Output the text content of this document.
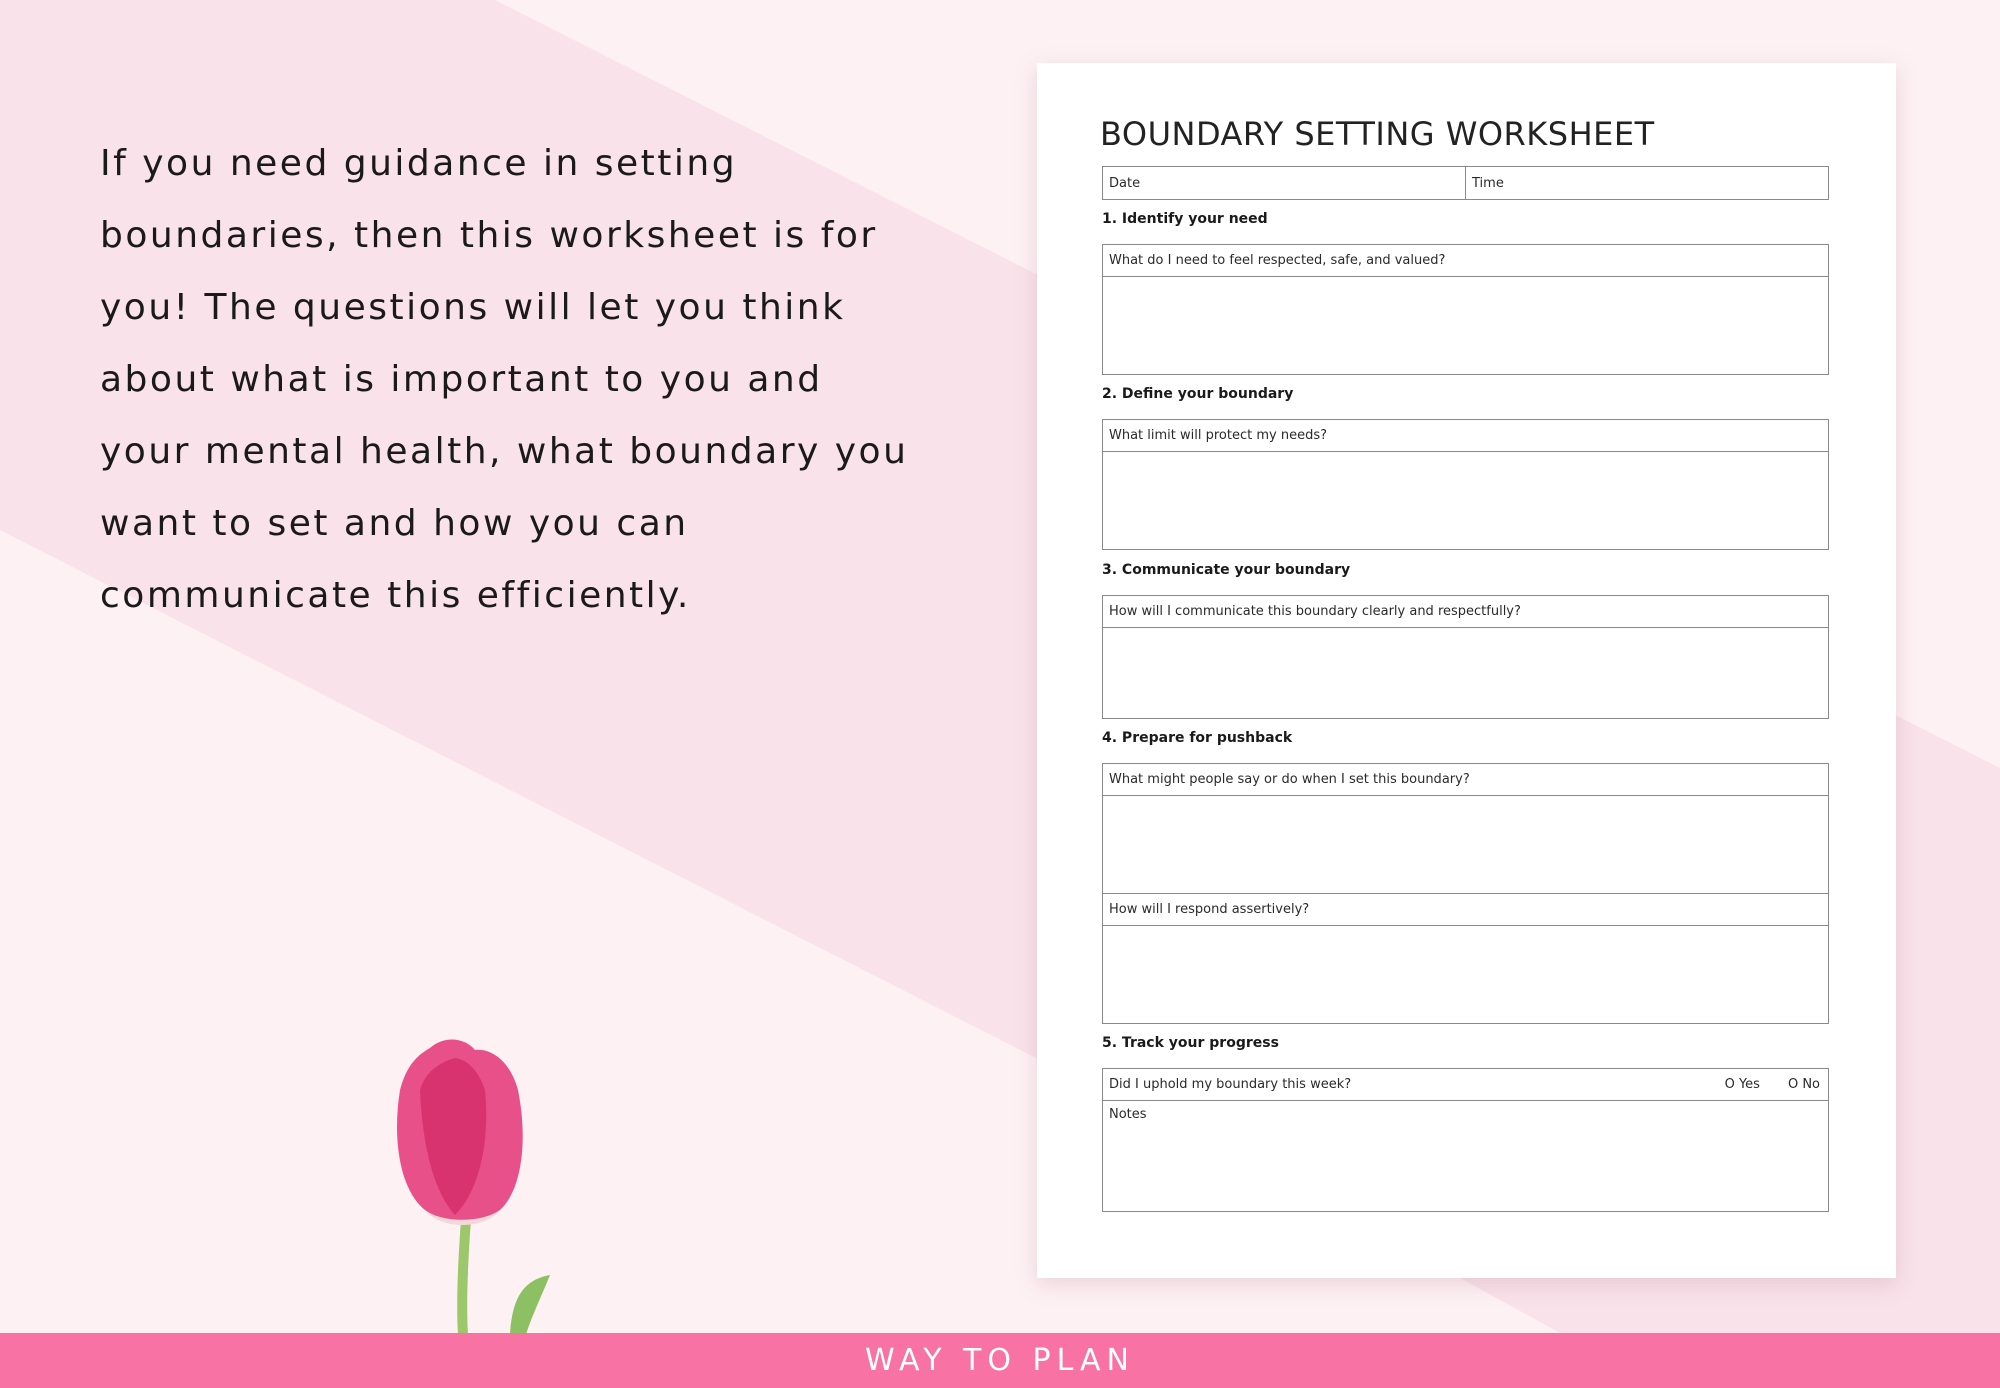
If you need guidance in setting

boundaries, then this worksheet is for

you! The questions will let you think

about what is important to you and

your mental health, what boundary you

want to set and how you can

communicate this efficiently.

BOUNDARY SETTING WORKSHEET
Date	Time
1. Identify your need
What do I need to feel respected, safe, and valued?
2. Define your boundary
What limit will protect my needs?
3. Communicate your boundary
How will I communicate this boundary clearly and respectfully?
4. Prepare for pushback
What might people say or do when I set this boundary?
How will I respond assertively?
5. Track your progress
Did I uphold my boundary this week?	O Yes O No
Notes
WAY TO PLAN
